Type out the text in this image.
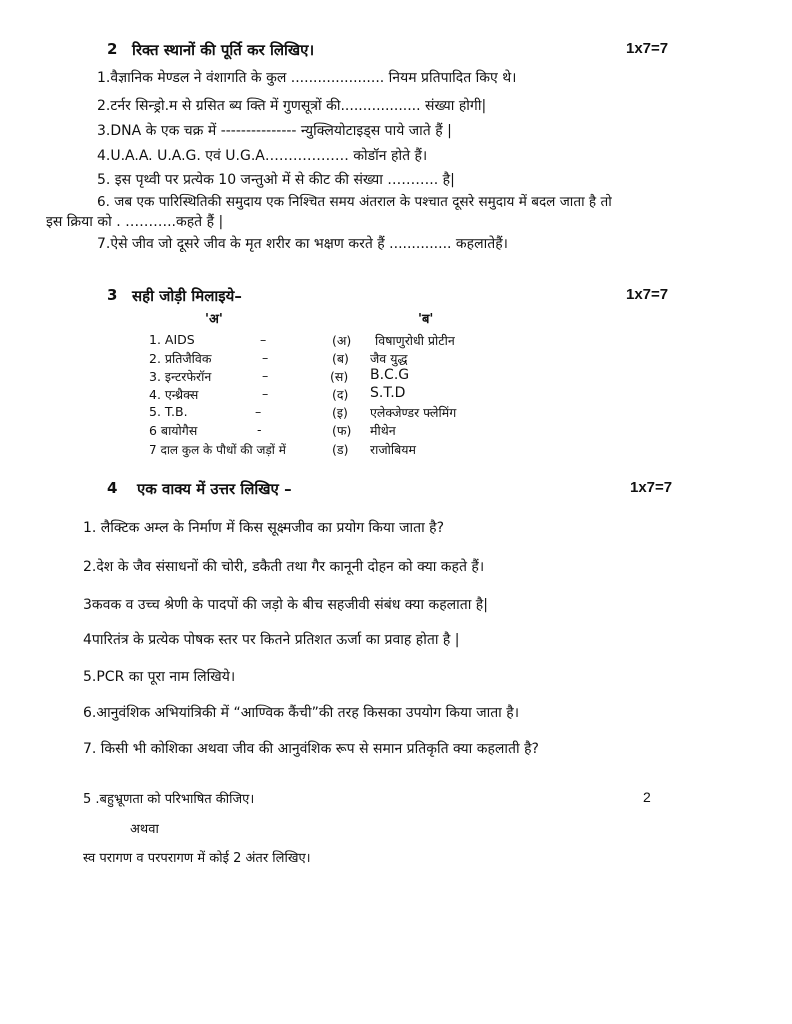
2 रिक्त स्थानों की पूर्ति कर लिखिए।	1x7=7
1.वैज्ञानिक मेण्डल ने वंशागति के कुल ..................... नियम प्रतिपादित किए थे।
2.टर्नर सिन्ड्रो.म से ग्रसित ब्य क्ति में गुणसूत्रों की.................. संख्या होगी|
3.DNA के एक चक्र में --------------- न्युक्लियोटाइड्स पाये जाते हैं |
4.U.A.A. U.A.G. एवं U.G.A……………… कोडॉन होते हैं।
5. इस पृथ्वी पर प्रत्येक 10 जन्तुओ में से कीट की संख्या ……….. है|
6. जब एक पारिस्थितिकी समुदाय एक निश्चित समय अंतराल के पश्चात दूसरे समुदाय में बदल जाता है तो
इस क्रिया को . ………..कहते हैं |
7.ऐसे जीव जो दूसरे जीव के मृत शरीर का भक्षण करते हैं .............. कहलातेहैं।
3 सही जोड़ी मिलाइये–	1x7=7
'अ'	'ब'
1. AIDS	–	(अ) विषाणुरोधी प्रोटीन
2. प्रतिजैविक	–	(ब) जैव युद्ध
3. इन्टरफेरॉन	–	(स) B.C.G
4. एन्थ्रैक्स	–	(द) S.T.D
5. T.B.	–	(इ) एलेक्जेण्डर फ्लेमिंग
6 बायोगैस	-	(फ) मीथेन
7 दाल कुल के पौधों की जड़ों में	(ड) राजोबियम
4 एक वाक्य में उत्तर लिखिए –	1x7=7
1. लैक्टिक अम्ल के निर्माण में किस सूक्ष्मजीव का प्रयोग किया जाता है?
2.देश के जैव संसाधनों की चोरी, डकैती तथा गैर कानूनी दोहन को क्या कहते हैं।
3कवक व उच्च श्रेणी के पादपों की जड़ो के बीच सहजीवी संबंध क्या कहलाता है|
4पारितंत्र के प्रत्येक पोषक स्तर पर कितने प्रतिशत ऊर्जा का प्रवाह होता है |
5.PCR का पूरा नाम लिखिये।
6.आनुवंशिक अभियांत्रिकी में “आण्विक कैंची”की तरह किसका उपयोग किया जाता है।
7. किसी भी कोशिका अथवा जीव की आनुवंशिक रूप से समान प्रतिकृति क्या कहलाती है?
5 .बहुभ्रूणता को परिभाषित कीजिए।	2
अथवा
स्व परागण व परपरागण में कोई 2 अंतर लिखिए।
